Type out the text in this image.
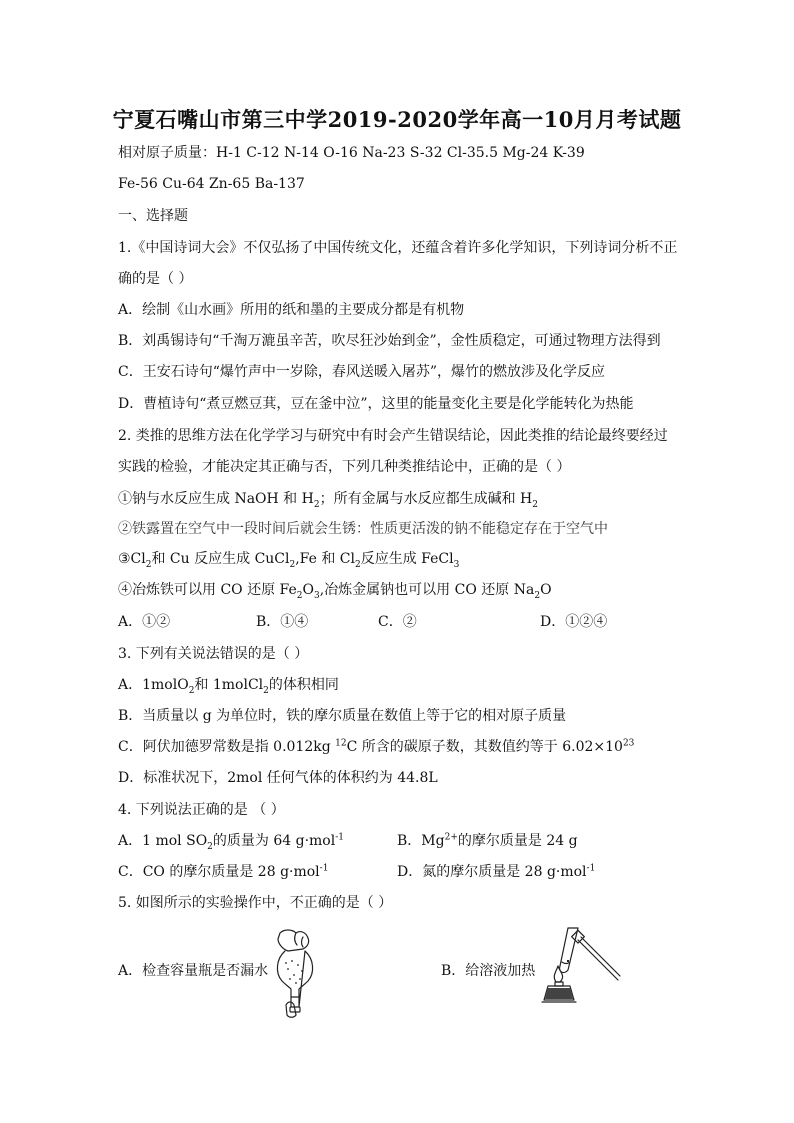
宁夏石嘴山市第三中学2019-2020学年高一10月月考试题
相对原子质量：H-1 C-12 N-14 O-16 Na-23 S-32 Cl-35.5 Mg-24 K-39
Fe-56 Cu-64 Zn-65 Ba-137
一、选择题
1.《中国诗词大会》不仅弘扬了中国传统文化，还蕴含着许多化学知识，下列诗词分析不正
确的是（ ）
A．绘制《山水画》所用的纸和墨的主要成分都是有机物
B．刘禹锡诗句“千淘万漉虽辛苦，吹尽狂沙始到金”，金性质稳定，可通过物理方法得到
C．王安石诗句“爆竹声中一岁除，春风送暖入屠苏”，爆竹的燃放涉及化学反应
D．曹植诗句“煮豆燃豆萁，豆在釜中泣”，这里的能量变化主要是化学能转化为热能
2. 类推的思维方法在化学学习与研究中有时会产生错误结论，因此类推的结论最终要经过
实践的检验，才能决定其正确与否，下列几种类推结论中，正确的是（ ）
①钠与水反应生成 NaOH 和 $H_2$；所有金属与水反应都生成碱和 $H_2$
②铁露置在空气中一段时间后就会生锈：性质更活泼的钠不能稳定存在于空气中
$③Cl_2$和 Cu 反应生成 CuCl$_2$,Fe 和 $Cl_2$反应生成 FeCl$_3$
④冶炼铁可以用 CO 还原 $Fe_2O_3$,冶炼金属钠也可以用 CO 还原 $Na_2O$
A．①②	B．①④	C．②	D．①②④
3. 下列有关说法错误的是（ ）
A．1molO$_2$和 1molCl$_2$的体积相同
B．当质量以 g 为单位时，铁的摩尔质量在数值上等于它的相对原子质量
C．阿伏加德罗常数是指 0.012kg $^{12}$C 所含的碳原子数，其数值约等于 $6.02\times 10^{23}$
D．标准状况下，2mol 任何气体的体积约为 44.8L
4. 下列说法正确的是 （ ）
A．1 mol $SO_2$的质量为 64 g·mol$^{-1}$	B．$Mg^{2+}$的摩尔质量是 24 g
C．CO 的摩尔质量是 28 g·mol$^{-1}$	D．氮的摩尔质量是 28 g·mol$^{-1}$
5. 如图所示的实验操作中，不正确的是（ ）
A．检查容量瓶是否漏水	B．给溶液加热
